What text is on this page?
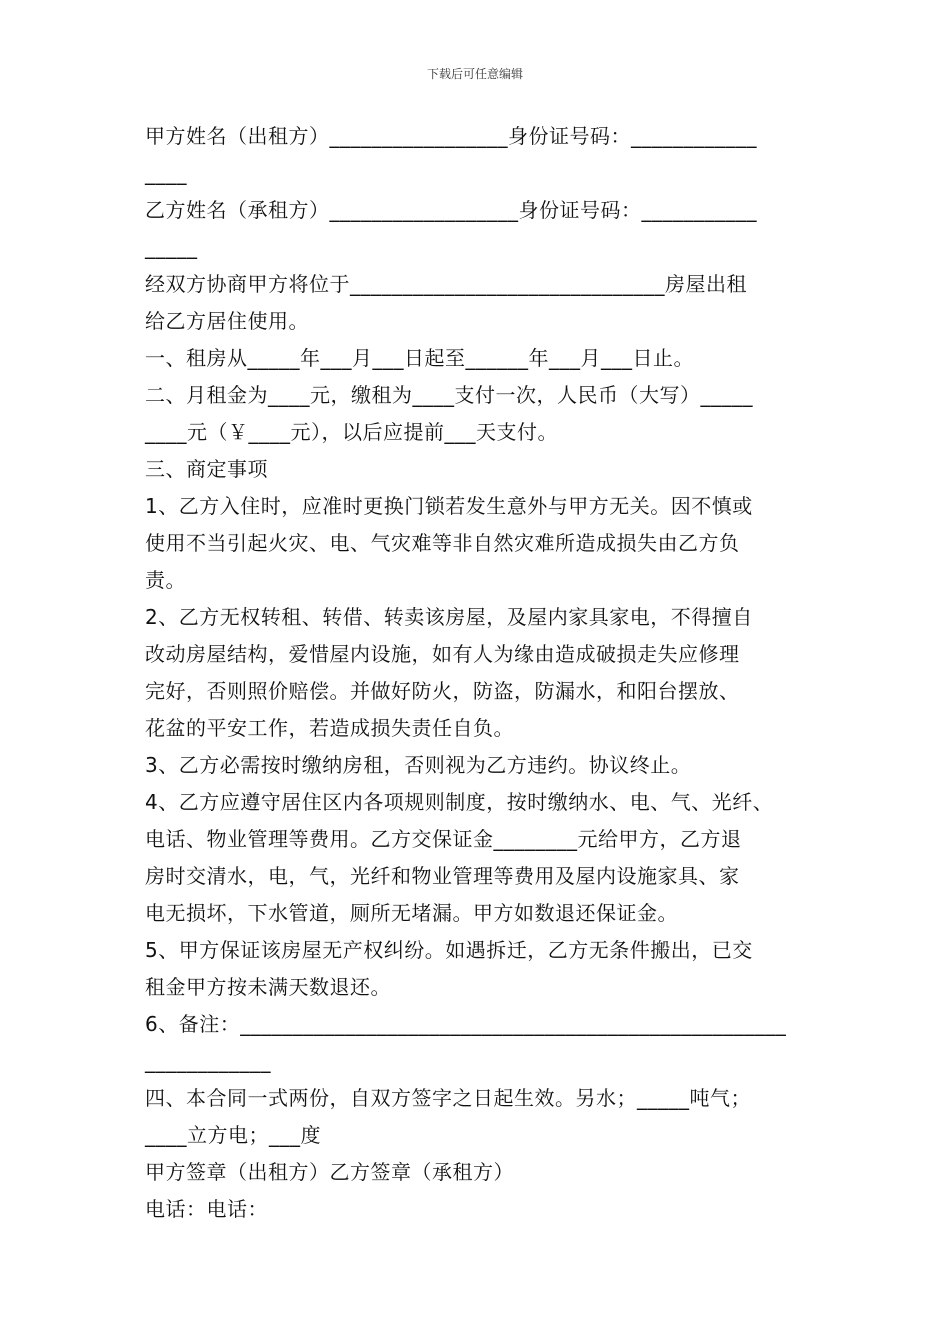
下载后可任意编辑

甲方姓名（出租方）_________________身份证号码：____________

____

乙方姓名（承租方）__________________身份证号码：___________

_____

经双方协商甲方将位于______________________________房屋出租

给乙方居住使用。

一、租房从_____年___月___日起至______年___月___日止。

二、月租金为____元，缴租为____支付一次，人民币（大写）_____

____元（￥____元），以后应提前___天支付。

三、商定事项

1、乙方入住时，应准时更换门锁若发生意外与甲方无关。因不慎或

使用不当引起火灾、电、气灾难等非自然灾难所造成损失由乙方负

责。

2、乙方无权转租、转借、转卖该房屋，及屋内家具家电，不得擅自

改动房屋结构，爱惜屋内设施，如有人为缘由造成破损走失应修理

完好，否则照价赔偿。并做好防火，防盗，防漏水，和阳台摆放、

花盆的平安工作，若造成损失责任自负。

3、乙方必需按时缴纳房租，否则视为乙方违约。协议终止。

4、乙方应遵守居住区内各项规则制度，按时缴纳水、电、气、光纤、

电话、物业管理等费用。乙方交保证金________元给甲方，乙方退

房时交清水，电，气，光纤和物业管理等费用及屋内设施家具、家

电无损坏，下水管道，厕所无堵漏。甲方如数退还保证金。

5、甲方保证该房屋无产权纠纷。如遇拆迁，乙方无条件搬出，已交

租金甲方按未满天数退还。

6、备注：____________________________________________________

____________

四、本合同一式两份，自双方签字之日起生效。另水；_____吨气；

____立方电；___度

甲方签章（出租方）乙方签章（承租方）

电话：电话：
